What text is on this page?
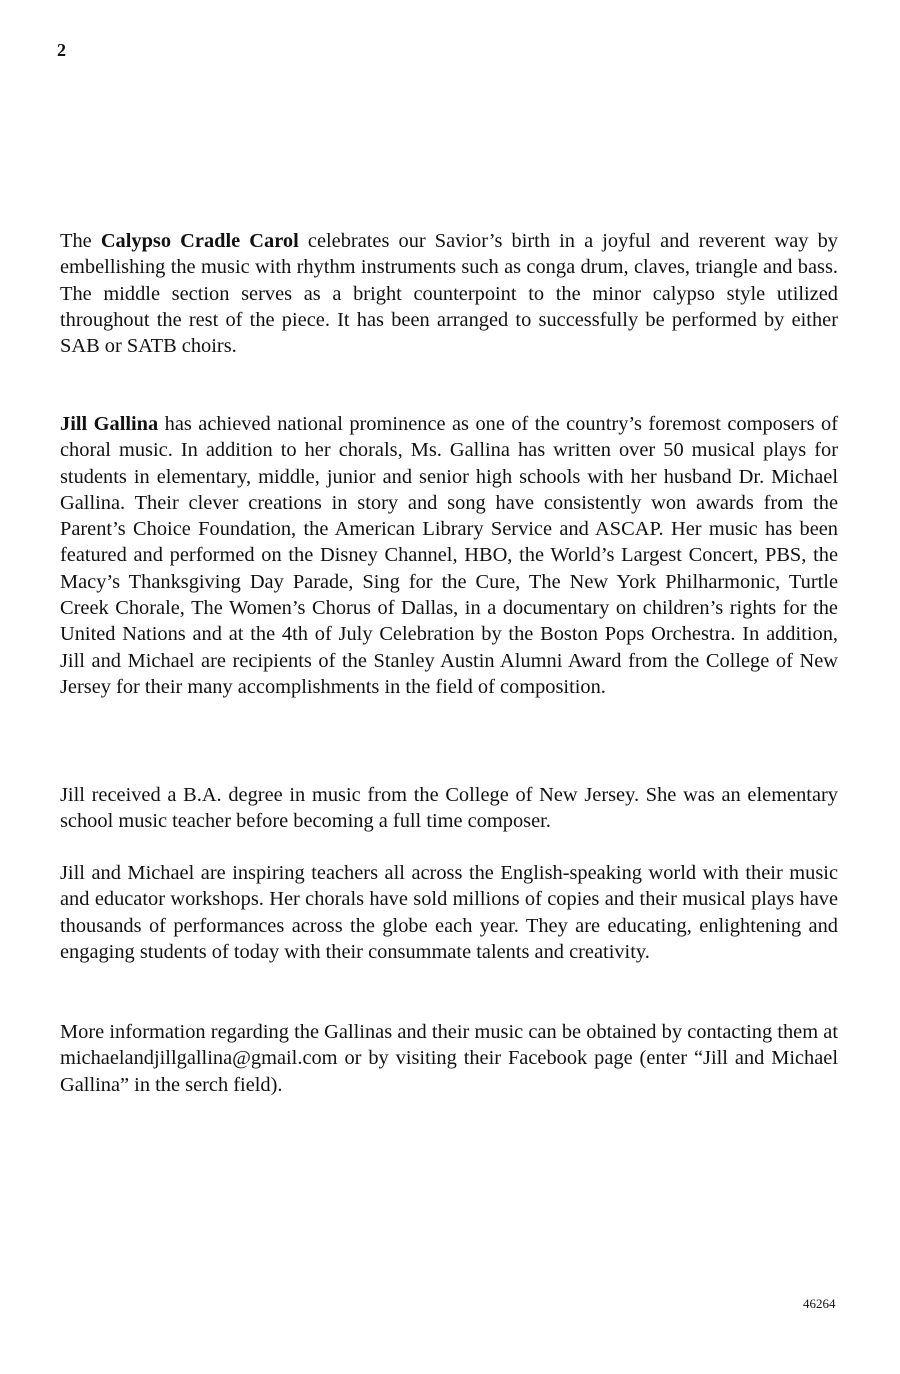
2

The Calypso Cradle Carol celebrates our Savior’s birth in a joyful and reverent way by embellishing the music with rhythm instruments such as conga drum, claves, triangle and bass. The middle section serves as a bright counterpoint to the minor calypso style utilized throughout the rest of the piece. It has been arranged to successfully be performed by either SAB or SATB choirs.

Jill Gallina has achieved national prominence as one of the country’s foremost composers of choral music. In addition to her chorals, Ms. Gallina has written over 50 musical plays for students in elementary, middle, junior and senior high schools with her husband Dr. Michael Gallina. Their clever creations in story and song have consistently won awards from the Parent’s Choice Foundation, the American Library Service and ASCAP. Her music has been featured and performed on the Disney Channel, HBO, the World’s Largest Concert, PBS, the Macy’s Thanksgiving Day Parade, Sing for the Cure, The New York Philharmonic, Turtle Creek Chorale, The Women’s Chorus of Dallas, in a documentary on children’s rights for the United Nations and at the 4th of July Celebration by the Boston Pops Orchestra. In addition, Jill and Michael are recipients of the Stanley Austin Alumni Award from the College of New Jersey for their many accomplishments in the field of composition.

Jill received a B.A. degree in music from the College of New Jersey. She was an elementary school music teacher before becoming a full time composer.

Jill and Michael are inspiring teachers all across the English-speaking world with their music and educator workshops. Her chorals have sold millions of copies and their musical plays have thousands of performances across the globe each year. They are educating, enlightening and engaging students of today with their consummate talents and creativity.

More information regarding the Gallinas and their music can be obtained by contacting them at michaelandjillgallina@gmail.com or by visiting their Facebook page (enter “Jill and Michael Gallina” in the serch field).

46264
